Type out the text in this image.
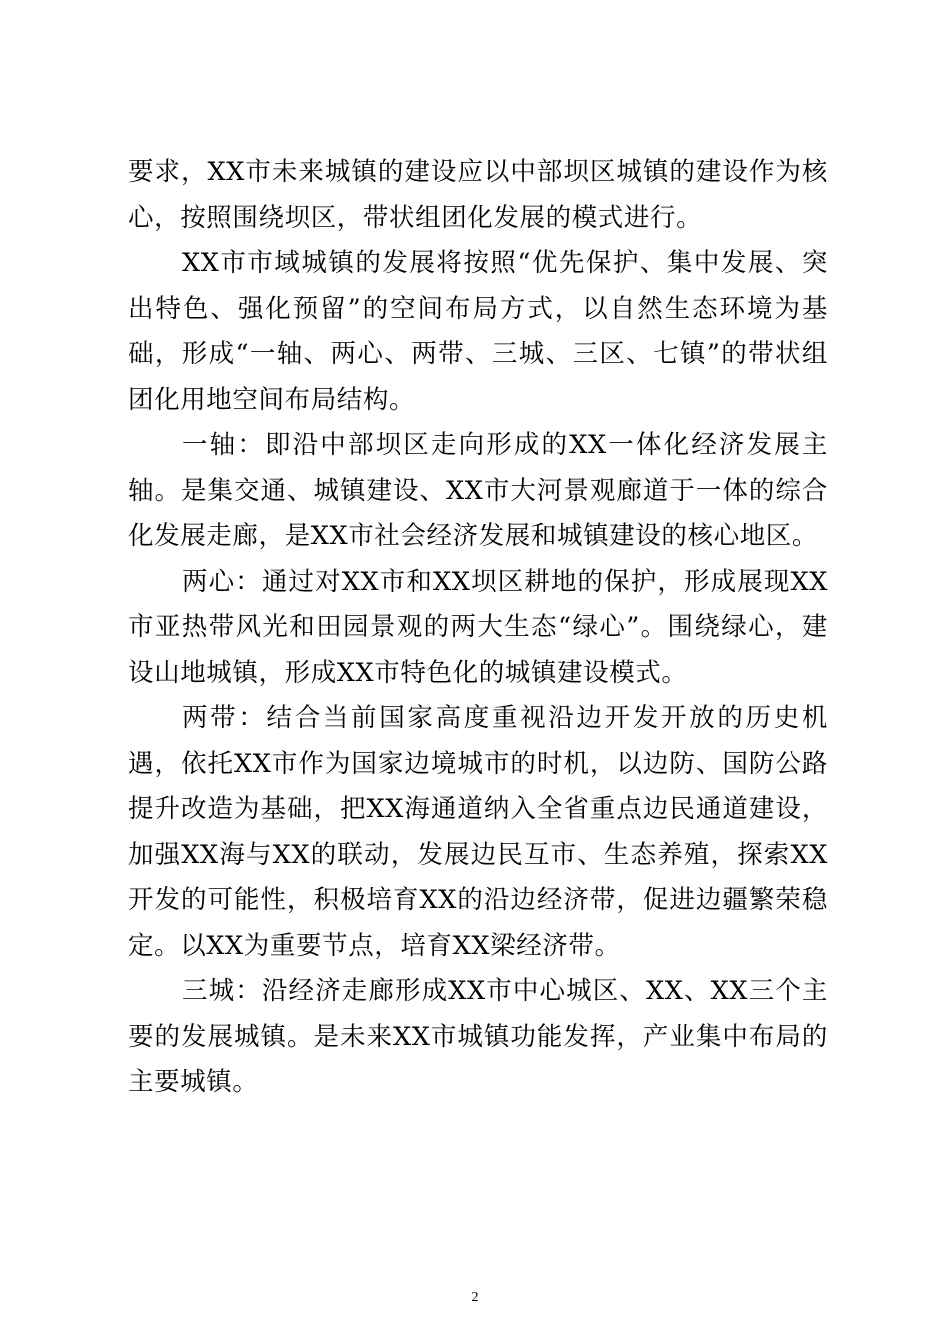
要求，XX市未来城镇的建设应以中部坝区城镇的建设作为核心，按照围绕坝区，带状组团化发展的模式进行。

XX市市域城镇的发展将按照“优先保护、集中发展、突出特色、强化预留”的空间布局方式，以自然生态环境为基础，形成“一轴、两心、两带、三城、三区、七镇”的带状组团化用地空间布局结构。

一轴：即沿中部坝区走向形成的XX一体化经济发展主轴。是集交通、城镇建设、XX市大河景观廊道于一体的综合化发展走廊，是XX市社会经济发展和城镇建设的核心地区。

两心：通过对XX市和XX坝区耕地的保护，形成展现XX市亚热带风光和田园景观的两大生态“绿心”。围绕绿心，建设山地城镇，形成XX市特色化的城镇建设模式。

两带：结合当前国家高度重视沿边开发开放的历史机遇，依托XX市作为国家边境城市的时机，以边防、国防公路提升改造为基础，把XX海通道纳入全省重点边民通道建设，加强XX海与XX的联动，发展边民互市、生态养殖，探索XX开发的可能性，积极培育XX的沿边经济带，促进边疆繁荣稳定。以XX为重要节点，培育XX梁经济带。

三城：沿经济走廊形成XX市中心城区、XX、XX三个主要的发展城镇。是未来XX市城镇功能发挥，产业集中布局的主要城镇。

2
